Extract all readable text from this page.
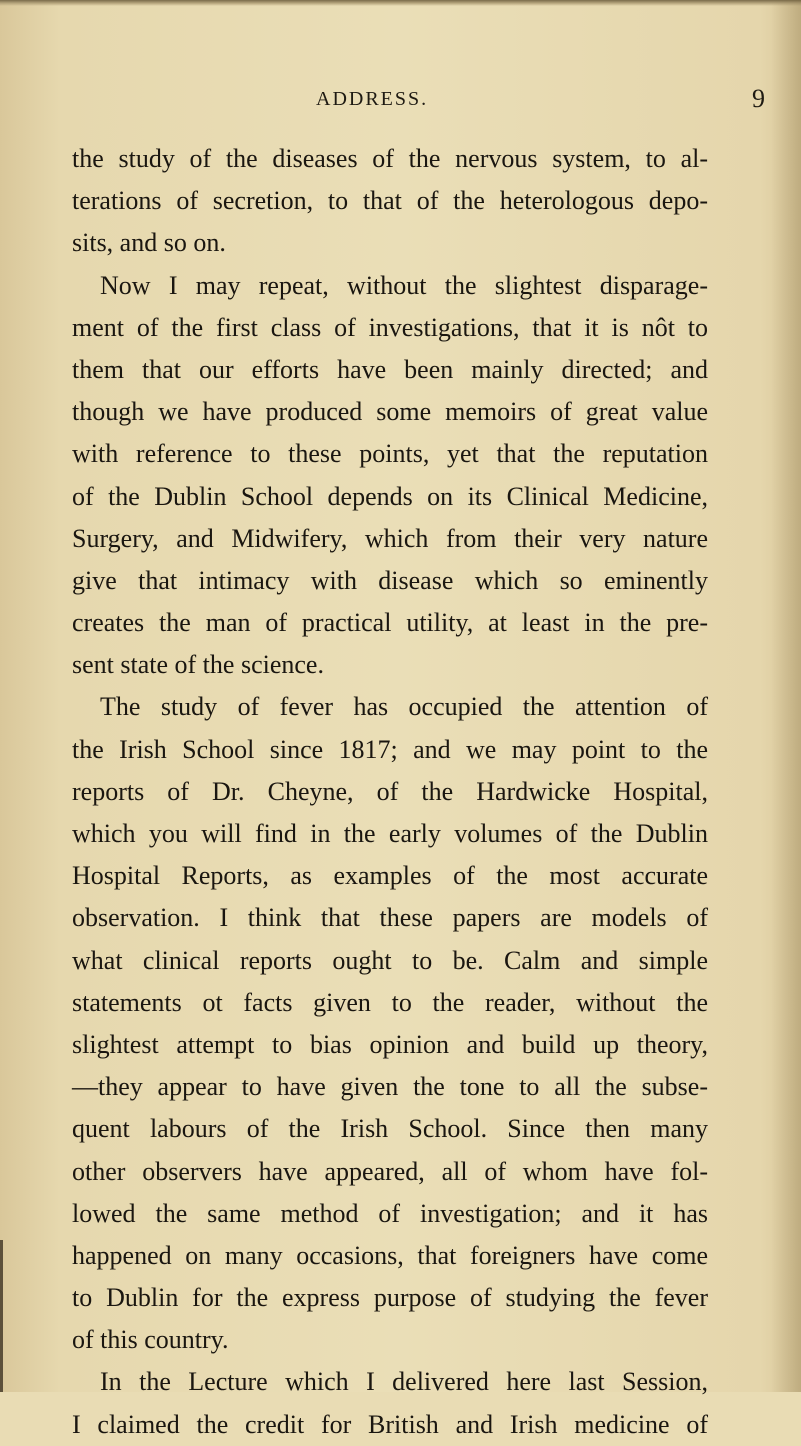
ADDRESS.	9
the study of the diseases of the nervous system, to al-
terations of secretion, to that of the heterologous depo-
sits, and so on.
Now I may repeat, without the slightest disparage-
ment of the first class of investigations, that it is nôt to
them that our efforts have been mainly directed; and
though we have produced some memoirs of great value
with reference to these points, yet that the reputation
of the Dublin School depends on its Clinical Medicine,
Surgery, and Midwifery, which from their very nature
give that intimacy with disease which so eminently
creates the man of practical utility, at least in the pre-
sent state of the science.
The study of fever has occupied the attention of
the Irish School since 1817; and we may point to the
reports of Dr. Cheyne, of the Hardwicke Hospital,
which you will find in the early volumes of the Dublin
Hospital Reports, as examples of the most accurate
observation. I think that these papers are models of
what clinical reports ought to be. Calm and simple
statements ot facts given to the reader, without the
slightest attempt to bias opinion and build up theory,
—they appear to have given the tone to all the subse-
quent labours of the Irish School. Since then many
other observers have appeared, all of whom have fol-
lowed the same method of investigation; and it has
happened on many occasions, that foreigners have come
to Dublin for the express purpose of studying the fever
of this country.
In the Lecture which I delivered here last Session,
I claimed the credit for British and Irish medicine of
